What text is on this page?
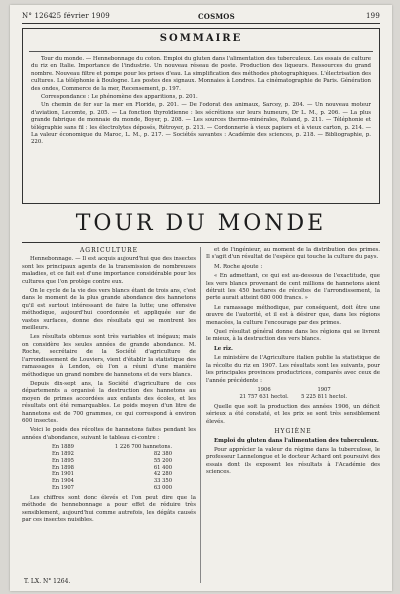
N° 1264
25 février 1909	COSMOS	199
SOMMAIRE

Tour du monde. — Hennebonnage du coton. Emploi du gluten dans l'alimentation des tuberculeux. Les essais de culture du riz en Italie. Importance de l'industrie. Un nouveau réseau de poste. Production des liqueurs. Ressources du grand nombre. Nouveau filtre et pompe pour les prises d'eau. La simplification des méthodes photographiques. L'électrisation des cultures. La téléphonie à Boulogne. Les postes des signaux. Monnaies à Londres. La cinématographie de Paris. Génération des ondes, Commerce de la mer, Recensement, p. 197.

Correspondance : Le phénomène des apparitions, p. 201.

Un chemin de fer sur la mer en Floride, p. 201. — De l'odorat des animaux, Sarcey, p. 204. — Un nouveau moteur d'aviation, Lecomte, p. 205. — La fonction thyroïdienne : les sécrétions sur leurs humeurs, Dr L. M., p. 206. — La plus grande fabrique de monnaie du monde, Boyer, p. 208. — Les sources thermo-minérales, Roland, p. 211. — Téléphonie et télégraphie sans fil : les électrolytes déposés, Rétroyer, p. 213. — Cordonnerie à vieux papiers et à vieux carton, p. 214. — La valeur économique du Maroc, L. M., p. 217. — Sociétés savantes : Académie des sciences, p. 218. — Bibliographie, p. 220.

TOUR DU MONDE
AGRICULTURE

Hennebonnage. — Il est acquis aujourd'hui que des insectes sont les principaux agents de la transmission de nombreuses maladies, et ce fait est d'une importance considérable pour les cultures que l'on protège contre eux.

On le cycle de la vie des vers blancs étant de trois ans, c'est dans le moment de la plus grande abondance des hannetons qu'il est surtout intéressant de faire la lutte; une offensive méthodique, aujourd'hui coordonnée et appliquée sur de vastes surfaces, donne des résultats qui se montrent les meilleurs.

Les résultats obtenus sont très variables et inégaux; mais on considère les seules années de grande abondance. M. Roche, secrétaire de la Société d'agriculture de l'arrondissement de Louviers, vient d'établir la statistique des ramassages à Lendon, où l'on a réuni d'une manière méthodique un grand nombre de hannetons et de vers blancs.

Depuis dix-sept ans, la Société d'agriculture de ces départements a organisé la destruction des hannetons au moyen de primes accordées aux enfants des écoles, et les résultats ont été remarquables. Le poids moyen d'un litre de hannetons est de 700 grammes, ce qui correspond à environ 600 insectes.

Voici le poids des récoltes de hannetons faites pendant les années d'abondance, suivant le tableau ci-contre :

En 1889	1 226 700 hannetons.
En 1892	82 380
En 1895	55 200
En 1898	61 400
En 1901	42 280
En 1904	33 350
En 1907	63 000

Les chiffres sont donc élevés et l'on peut dire que la méthode de hennebonnage a pour effet de réduire très sensiblement, aujourd'hui comme autrefois, les dégâts causés par ces insectes nuisibles.

et de l'ingénieur, au moment de la distribution des primes. Il s'agit d'un résultat de l'espèce qui touche la culture du pays.

M. Roche ajoute :

« En admettant, ce qui est au-dessous de l'exactitude, que les vers blancs provenant de cent millions de hannetons aient détruit les 450 hectares de récoltes de l'arrondissement, la perte aurait atteint 680 000 francs. »

Le ramassage méthodique, par conséquent, doit être une œuvre de l'autorité, et il est à désirer que, dans les régions menacées, la culture l'encourage par des primes.

Quel résultat général donne dans les régions qui se livrent le mieux, à la destruction des vers blancs.

Le riz.

Le ministère de l'Agriculture italien publie la statistique de la récolte du riz en 1907. Les résultats sont les suivants, pour les principales provinces productrices, comparés avec ceux de l'année précédente :

1906	1907
21 757 631 hectol.	5 225 811 hectol.

Quelle que soit la production des années 1906, un déficit sérieux a été constaté, et les prix se sont très sensiblement élevés.

HYGIÈNE

Emploi du gluten dans l'alimentation des tuberculeux.

Pour apprécier la valeur du régime dans la tuberculose, le professeur Lannelongue et le docteur Achard ont poursuivi des essais dont ils exposent les résultats à l'Académie des sciences.

T. LX. N° 1264.
